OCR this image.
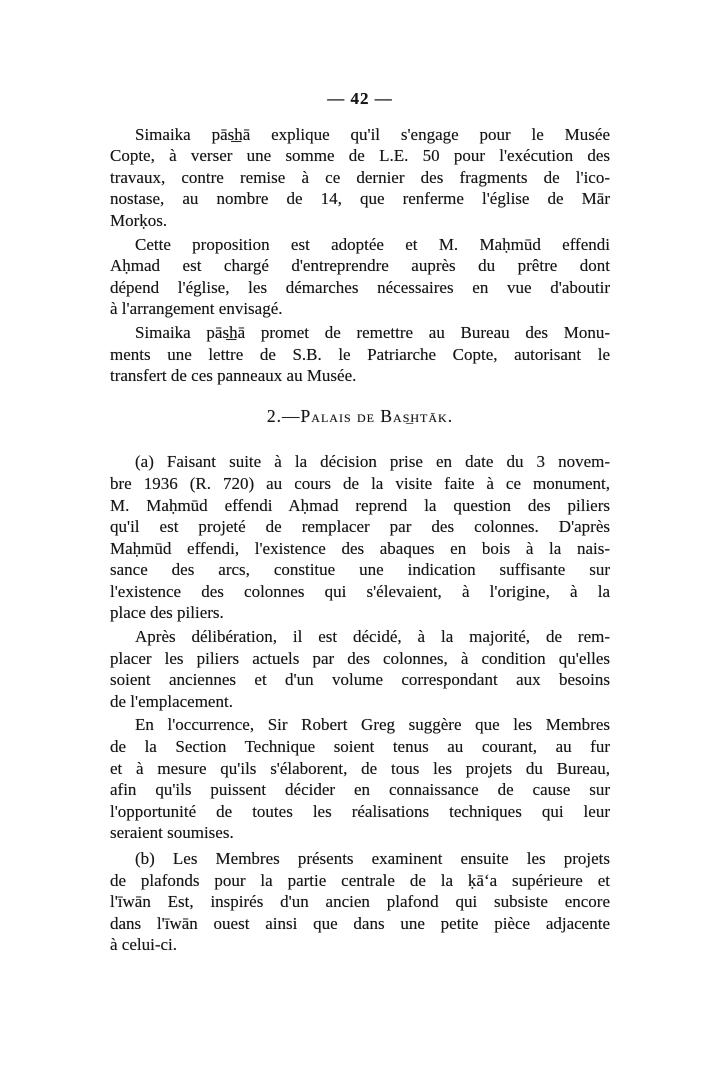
— 42 —
Simaika pās͟hā explique qu'il s'engage pour le Musée
Copte, à verser une somme de L.E. 50 pour l'exécution des
travaux, contre remise à ce dernier des fragments de l'ico-
nostase, au nombre de 14, que renferme l'église de Mār
Morḳos.
Cette proposition est adoptée et M. Maḥmūd effendi
Aḥmad est chargé d'entreprendre auprès du prêtre dont
dépend l'église, les démarches nécessaires en vue d'aboutir
à l'arrangement envisagé.
Simaika pās͟hā promet de remettre au Bureau des Monu-
ments une lettre de S.B. le Patriarche Copte, autorisant le
transfert de ces panneaux au Musée.
2.—Palais de Bas͟htāk.
(a) Faisant suite à la décision prise en date du 3 novem-
bre 1936 (R. 720) au cours de la visite faite à ce monument,
M. Maḥmūd effendi Aḥmad reprend la question des piliers
qu'il est projeté de remplacer par des colonnes. D'après
Maḥmūd effendi, l'existence des abaques en bois à la nais-
sance des arcs, constitue une indication suffisante sur
l'existence des colonnes qui s'élevaient, à l'origine, à la
place des piliers.
Après délibération, il est décidé, à la majorité, de rem-
placer les piliers actuels par des colonnes, à condition qu'elles
soient anciennes et d'un volume correspondant aux besoins
de l'emplacement.
En l'occurrence, Sir Robert Greg suggère que les Membres
de la Section Technique soient tenus au courant, au fur
et à mesure qu'ils s'élaborent, de tous les projets du Bureau,
afin qu'ils puissent décider en connaissance de cause sur
l'opportunité de toutes les réalisations techniques qui leur
seraient soumises.
(b) Les Membres présents examinent ensuite les projets
de plafonds pour la partie centrale de la ḳāʻa supérieure et
l'īwān Est, inspirés d'un ancien plafond qui subsiste encore
dans l'īwān ouest ainsi que dans une petite pièce adjacente
à celui-ci.
